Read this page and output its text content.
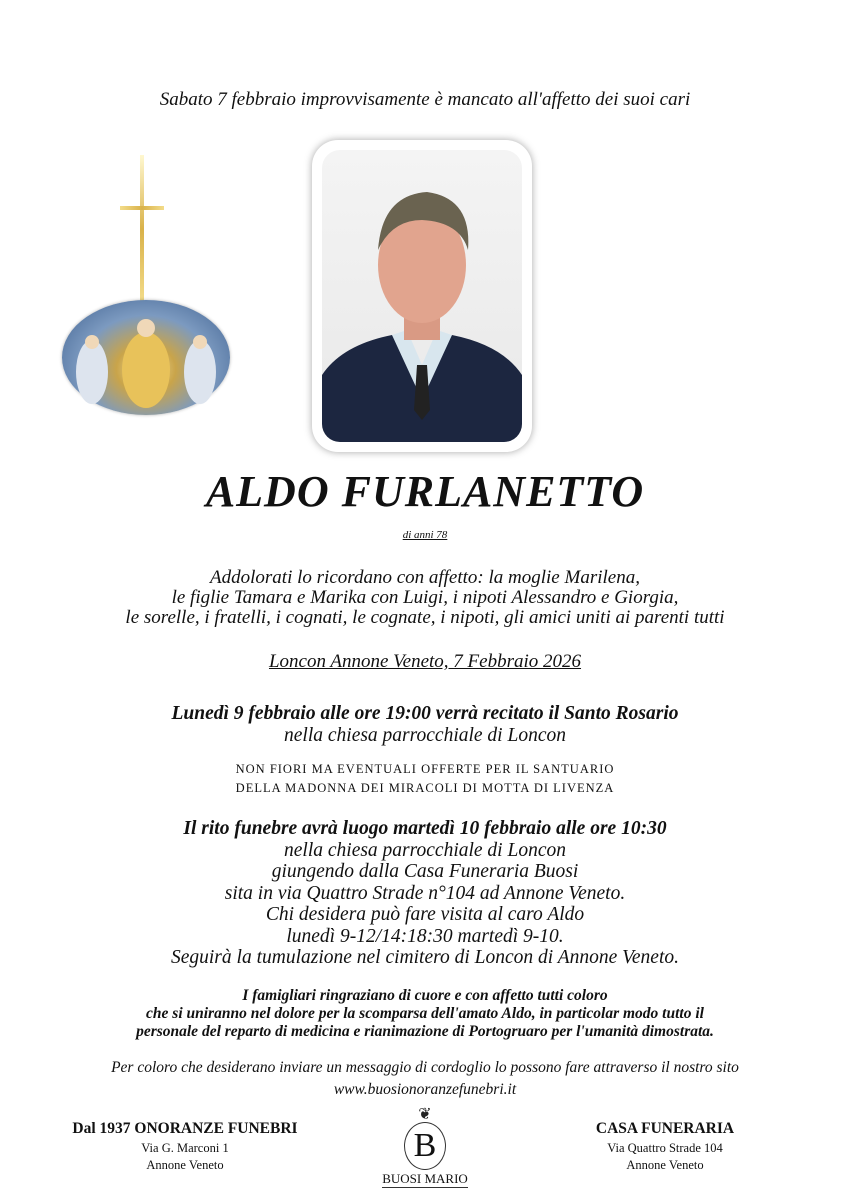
Sabato 7 febbraio improvvisamente è mancato all'affetto dei suoi cari
ALDO FURLANETTO
di anni 78
Addolorati lo ricordano con affetto: la moglie Marilena,
le figlie Tamara e Marika con Luigi, i nipoti Alessandro e Giorgia,
le sorelle, i fratelli, i cognati, le cognate, i nipoti, gli amici uniti ai parenti tutti
Loncon Annone Veneto, 7 Febbraio 2026
Lunedì 9 febbraio alle ore 19:00 verrà recitato il Santo Rosario
nella chiesa parrocchiale di Loncon
NON FIORI MA EVENTUALI OFFERTE PER IL SANTUARIO
DELLA MADONNA DEI MIRACOLI DI MOTTA DI LIVENZA
Il rito funebre avrà luogo martedì 10 febbraio alle ore 10:30
nella chiesa parrocchiale di Loncon
giungendo dalla Casa Funeraria Buosi
sita in via Quattro Strade n°104 ad Annone Veneto.
Chi desidera può fare visita al caro Aldo
lunedì 9-12/14:18:30 martedì 9-10.
Seguirà la tumulazione nel cimitero di Loncon di Annone Veneto.
I famigliari ringraziano di cuore e con affetto tutti coloro
che si uniranno nel dolore per la scomparsa dell'amato Aldo, in particolar modo tutto il
personale del reparto di medicina e rianimazione di Portogruaro per l'umanità dimostrata.
Per coloro che desiderano inviare un messaggio di cordoglio lo possono fare attraverso il nostro sito
www.buosionoranzefunebri.it
Dal 1937 ONORANZE FUNEBRI
Via G. Marconi 1
Annone Veneto
❦
B
BUOSI MARIO
CASA FUNERARIA
Via Quattro Strade 104
Annone Veneto
